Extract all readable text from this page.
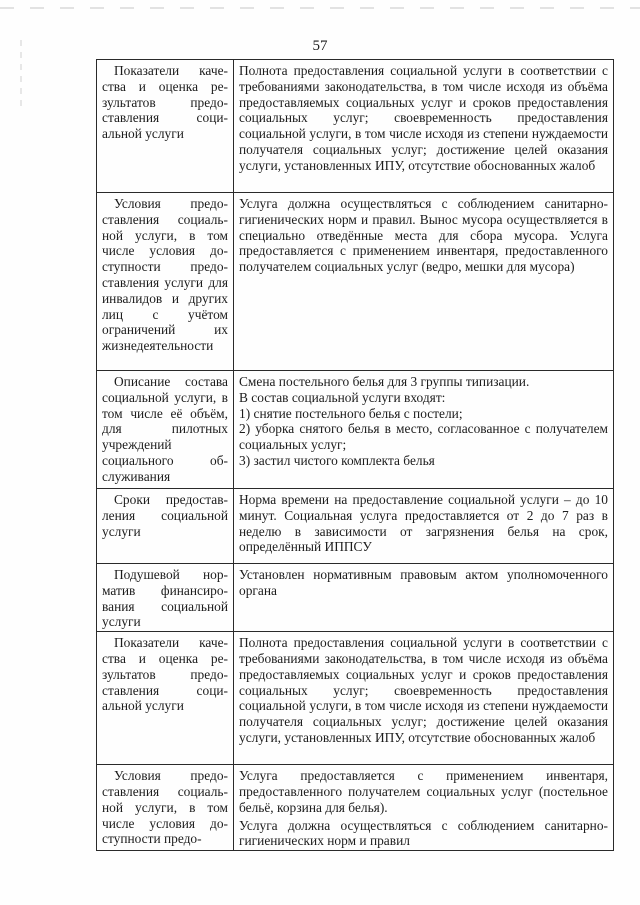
57
Показатели качества и оценка результатов предоставления социальной услуги	Полнота предоставления социальной услуги в соответствии с требованиями законодательства, в том числе исходя из объёма предоставляемых социальных услуг и сроков предоставления социальных услуг; своевременность предоставления социальной услуги, в том числе исходя из степени нуждаемости получателя социальных услуг; достижение целей оказания услуги, установленных ИПУ, отсутствие обоснованных жалоб

Условия предоставления социальной услуги, в том числе условия доступности предоставления услуги для инвалидов и других лиц с учётом ограничений их жизнедеятельности	Услуга должна осуществляться с соблюдением санитарно-гигиенических норм и правил. Вынос мусора осуществляется в специально отведённые места для сбора мусора. Услуга предоставляется с применением инвентаря, предоставленного получателем социальных услуг (ведро, мешки для мусора)

Описание состава социальной услуги, в том числе её объём, для пилотных учреждений социального обслуживания	Смена постельного белья для 3 группы типизации.
В состав социальной услуги входят:
1) снятие постельного белья с постели;
2) уборка снятого белья в место, согласованное с получателем социальных услуг;
3) застил чистого комплекта белья

Сроки предоставления социальной услуги	Норма времени на предоставление социальной услуги – до 10 минут. Социальная услуга предоставляется от 2 до 7 раз в неделю в зависимости от загрязнения белья на срок, определённый ИППСУ

Подушевой норматив финансирования социальной услуги	Установлен нормативным правовым актом уполномоченного органа

Показатели качества и оценка результатов предоставления социальной услуги	Полнота предоставления социальной услуги в соответствии с требованиями законодательства, в том числе исходя из объёма предоставляемых социальных услуг и сроков предоставления социальных услуг; своевременность предоставления социальной услуги, в том числе исходя из степени нуждаемости получателя социальных услуг; достижение целей оказания услуги, установленных ИПУ, отсутствие обоснованных жалоб

Условия предоставления социальной услуги, в том числе условия доступности предо-	Услуга предоставляется с применением инвентаря, предоставленного получателем социальных услуг (постельное бельё, корзина для белья).
Услуга должна осуществляться с соблюдением санитарно-гигиенических норм и правил
